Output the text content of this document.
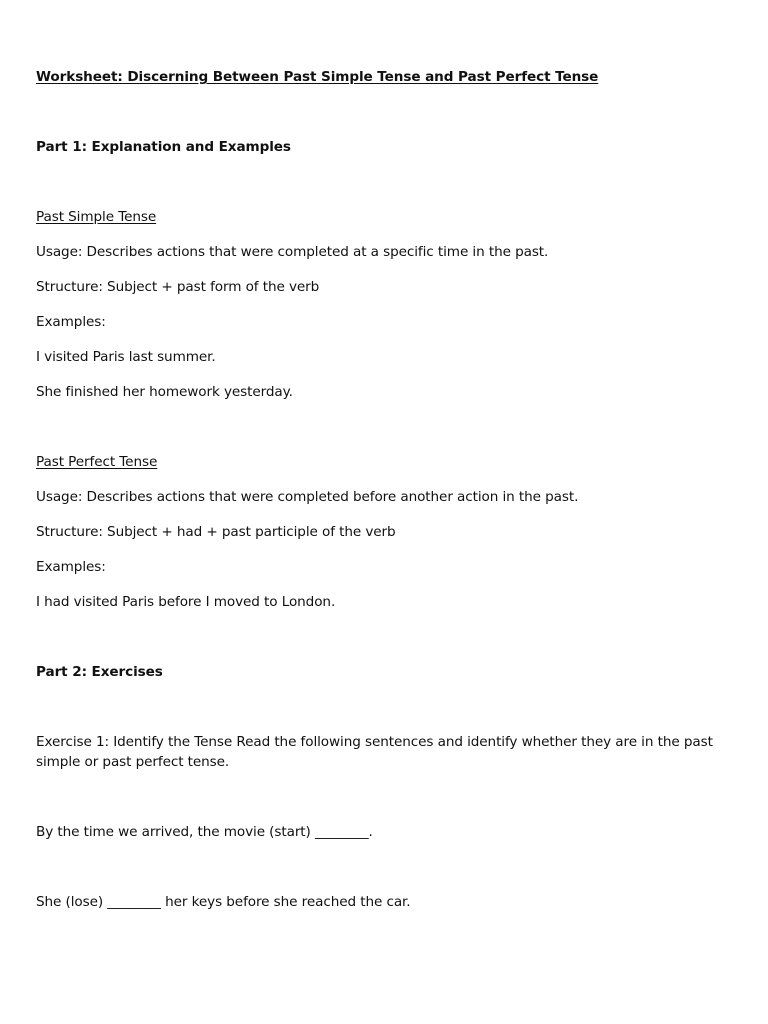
Worksheet: Discerning Between Past Simple Tense and Past Perfect Tense
Part 1: Explanation and Examples
Past Simple Tense
Usage: Describes actions that were completed at a specific time in the past.
Structure: Subject + past form of the verb
Examples:
I visited Paris last summer.
She finished her homework yesterday.
Past Perfect Tense
Usage: Describes actions that were completed before another action in the past.
Structure: Subject + had + past participle of the verb
Examples:
I had visited Paris before I moved to London.
Part 2: Exercises
Exercise 1: Identify the Tense Read the following sentences and identify whether they are in the past simple or past perfect tense.
By the time we arrived, the movie (start) ________.
She (lose) ________ her keys before she reached the car.
